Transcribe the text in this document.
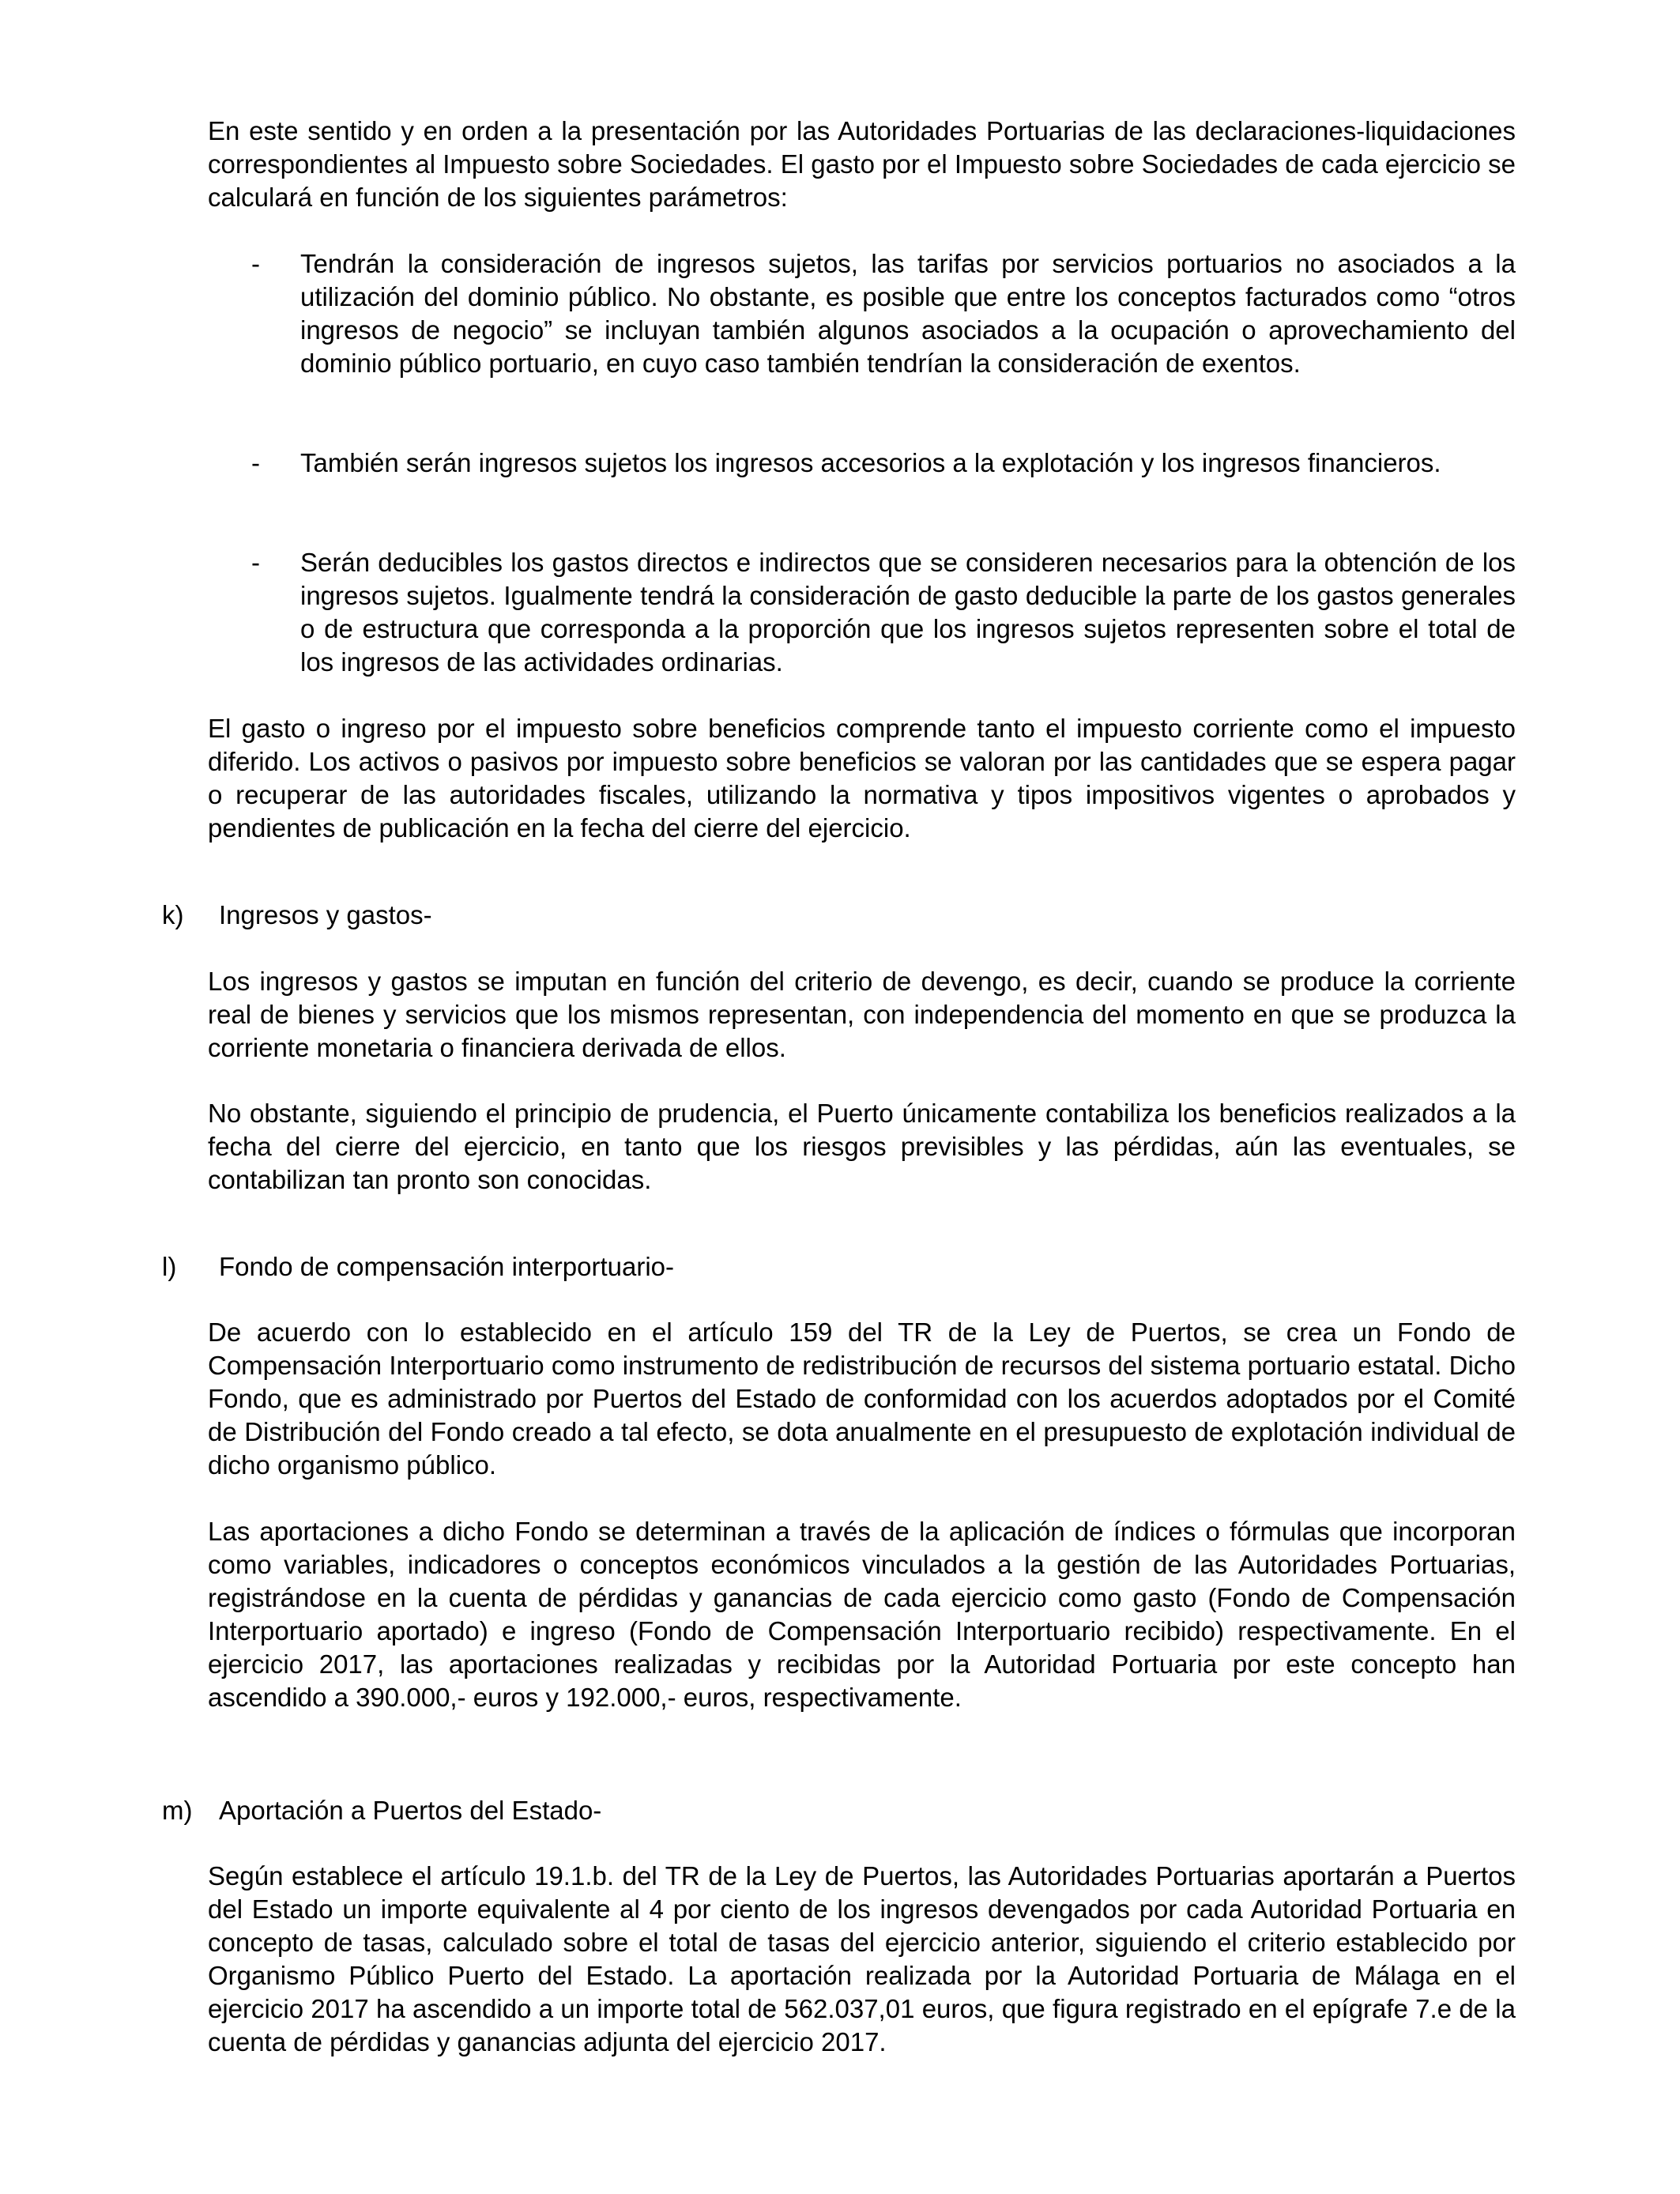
En este sentido y en orden a la presentación por las Autoridades Portuarias de las declaraciones-liquidaciones correspondientes al Impuesto sobre Sociedades. El gasto por el Impuesto sobre Sociedades de cada ejercicio se calculará en función de los siguientes parámetros:

- Tendrán la consideración de ingresos sujetos, las tarifas por servicios portuarios no asociados a la utilización del dominio público. No obstante, es posible que entre los conceptos facturados como “otros ingresos de negocio” se incluyan también algunos asociados a la ocupación o aprovechamiento del dominio público portuario, en cuyo caso también tendrían la consideración de exentos.

- También serán ingresos sujetos los ingresos accesorios a la explotación y los ingresos financieros.

- Serán deducibles los gastos directos e indirectos que se consideren necesarios para la obtención de los ingresos sujetos. Igualmente tendrá la consideración de gasto deducible la parte de los gastos generales o de estructura que corresponda a la proporción que los ingresos sujetos representen sobre el total de los ingresos de las actividades ordinarias.

El gasto o ingreso por el impuesto sobre beneficios comprende tanto el impuesto corriente como el impuesto diferido. Los activos o pasivos por impuesto sobre beneficios se valoran por las cantidades que se espera pagar o recuperar de las autoridades fiscales, utilizando la normativa y tipos impositivos vigentes o aprobados y pendientes de publicación en la fecha del cierre del ejercicio.

k) Ingresos y gastos-

Los ingresos y gastos se imputan en función del criterio de devengo, es decir, cuando se produce la corriente real de bienes y servicios que los mismos representan, con independencia del momento en que se produzca la corriente monetaria o financiera derivada de ellos.

No obstante, siguiendo el principio de prudencia, el Puerto únicamente contabiliza los beneficios realizados a la fecha del cierre del ejercicio, en tanto que los riesgos previsibles y las pérdidas, aún las eventuales, se contabilizan tan pronto son conocidas.

l) Fondo de compensación interportuario-

De acuerdo con lo establecido en el artículo 159 del TR de la Ley de Puertos, se crea un Fondo de Compensación Interportuario como instrumento de redistribución de recursos del sistema portuario estatal. Dicho Fondo, que es administrado por Puertos del Estado de conformidad con los acuerdos adoptados por el Comité de Distribución del Fondo creado a tal efecto, se dota anualmente en el presupuesto de explotación individual de dicho organismo público.

Las aportaciones a dicho Fondo se determinan a través de la aplicación de índices o fórmulas que incorporan como variables, indicadores o conceptos económicos vinculados a la gestión de las Autoridades Portuarias, registrándose en la cuenta de pérdidas y ganancias de cada ejercicio como gasto (Fondo de Compensación Interportuario aportado) e ingreso (Fondo de Compensación Interportuario recibido) respectivamente. En el ejercicio 2017, las aportaciones realizadas y recibidas por la Autoridad Portuaria por este concepto han ascendido a 390.000,- euros y 192.000,- euros, respectivamente.

m) Aportación a Puertos del Estado-

Según establece el artículo 19.1.b. del TR de la Ley de Puertos, las Autoridades Portuarias aportarán a Puertos del Estado un importe equivalente al 4 por ciento de los ingresos devengados por cada Autoridad Portuaria en concepto de tasas, calculado sobre el total de tasas del ejercicio anterior, siguiendo el criterio establecido por Organismo Público Puerto del Estado. La aportación realizada por la Autoridad Portuaria de Málaga en el ejercicio 2017 ha ascendido a un importe total de 562.037,01 euros, que figura registrado en el epígrafe 7.e de la cuenta de pérdidas y ganancias adjunta del ejercicio 2017.
